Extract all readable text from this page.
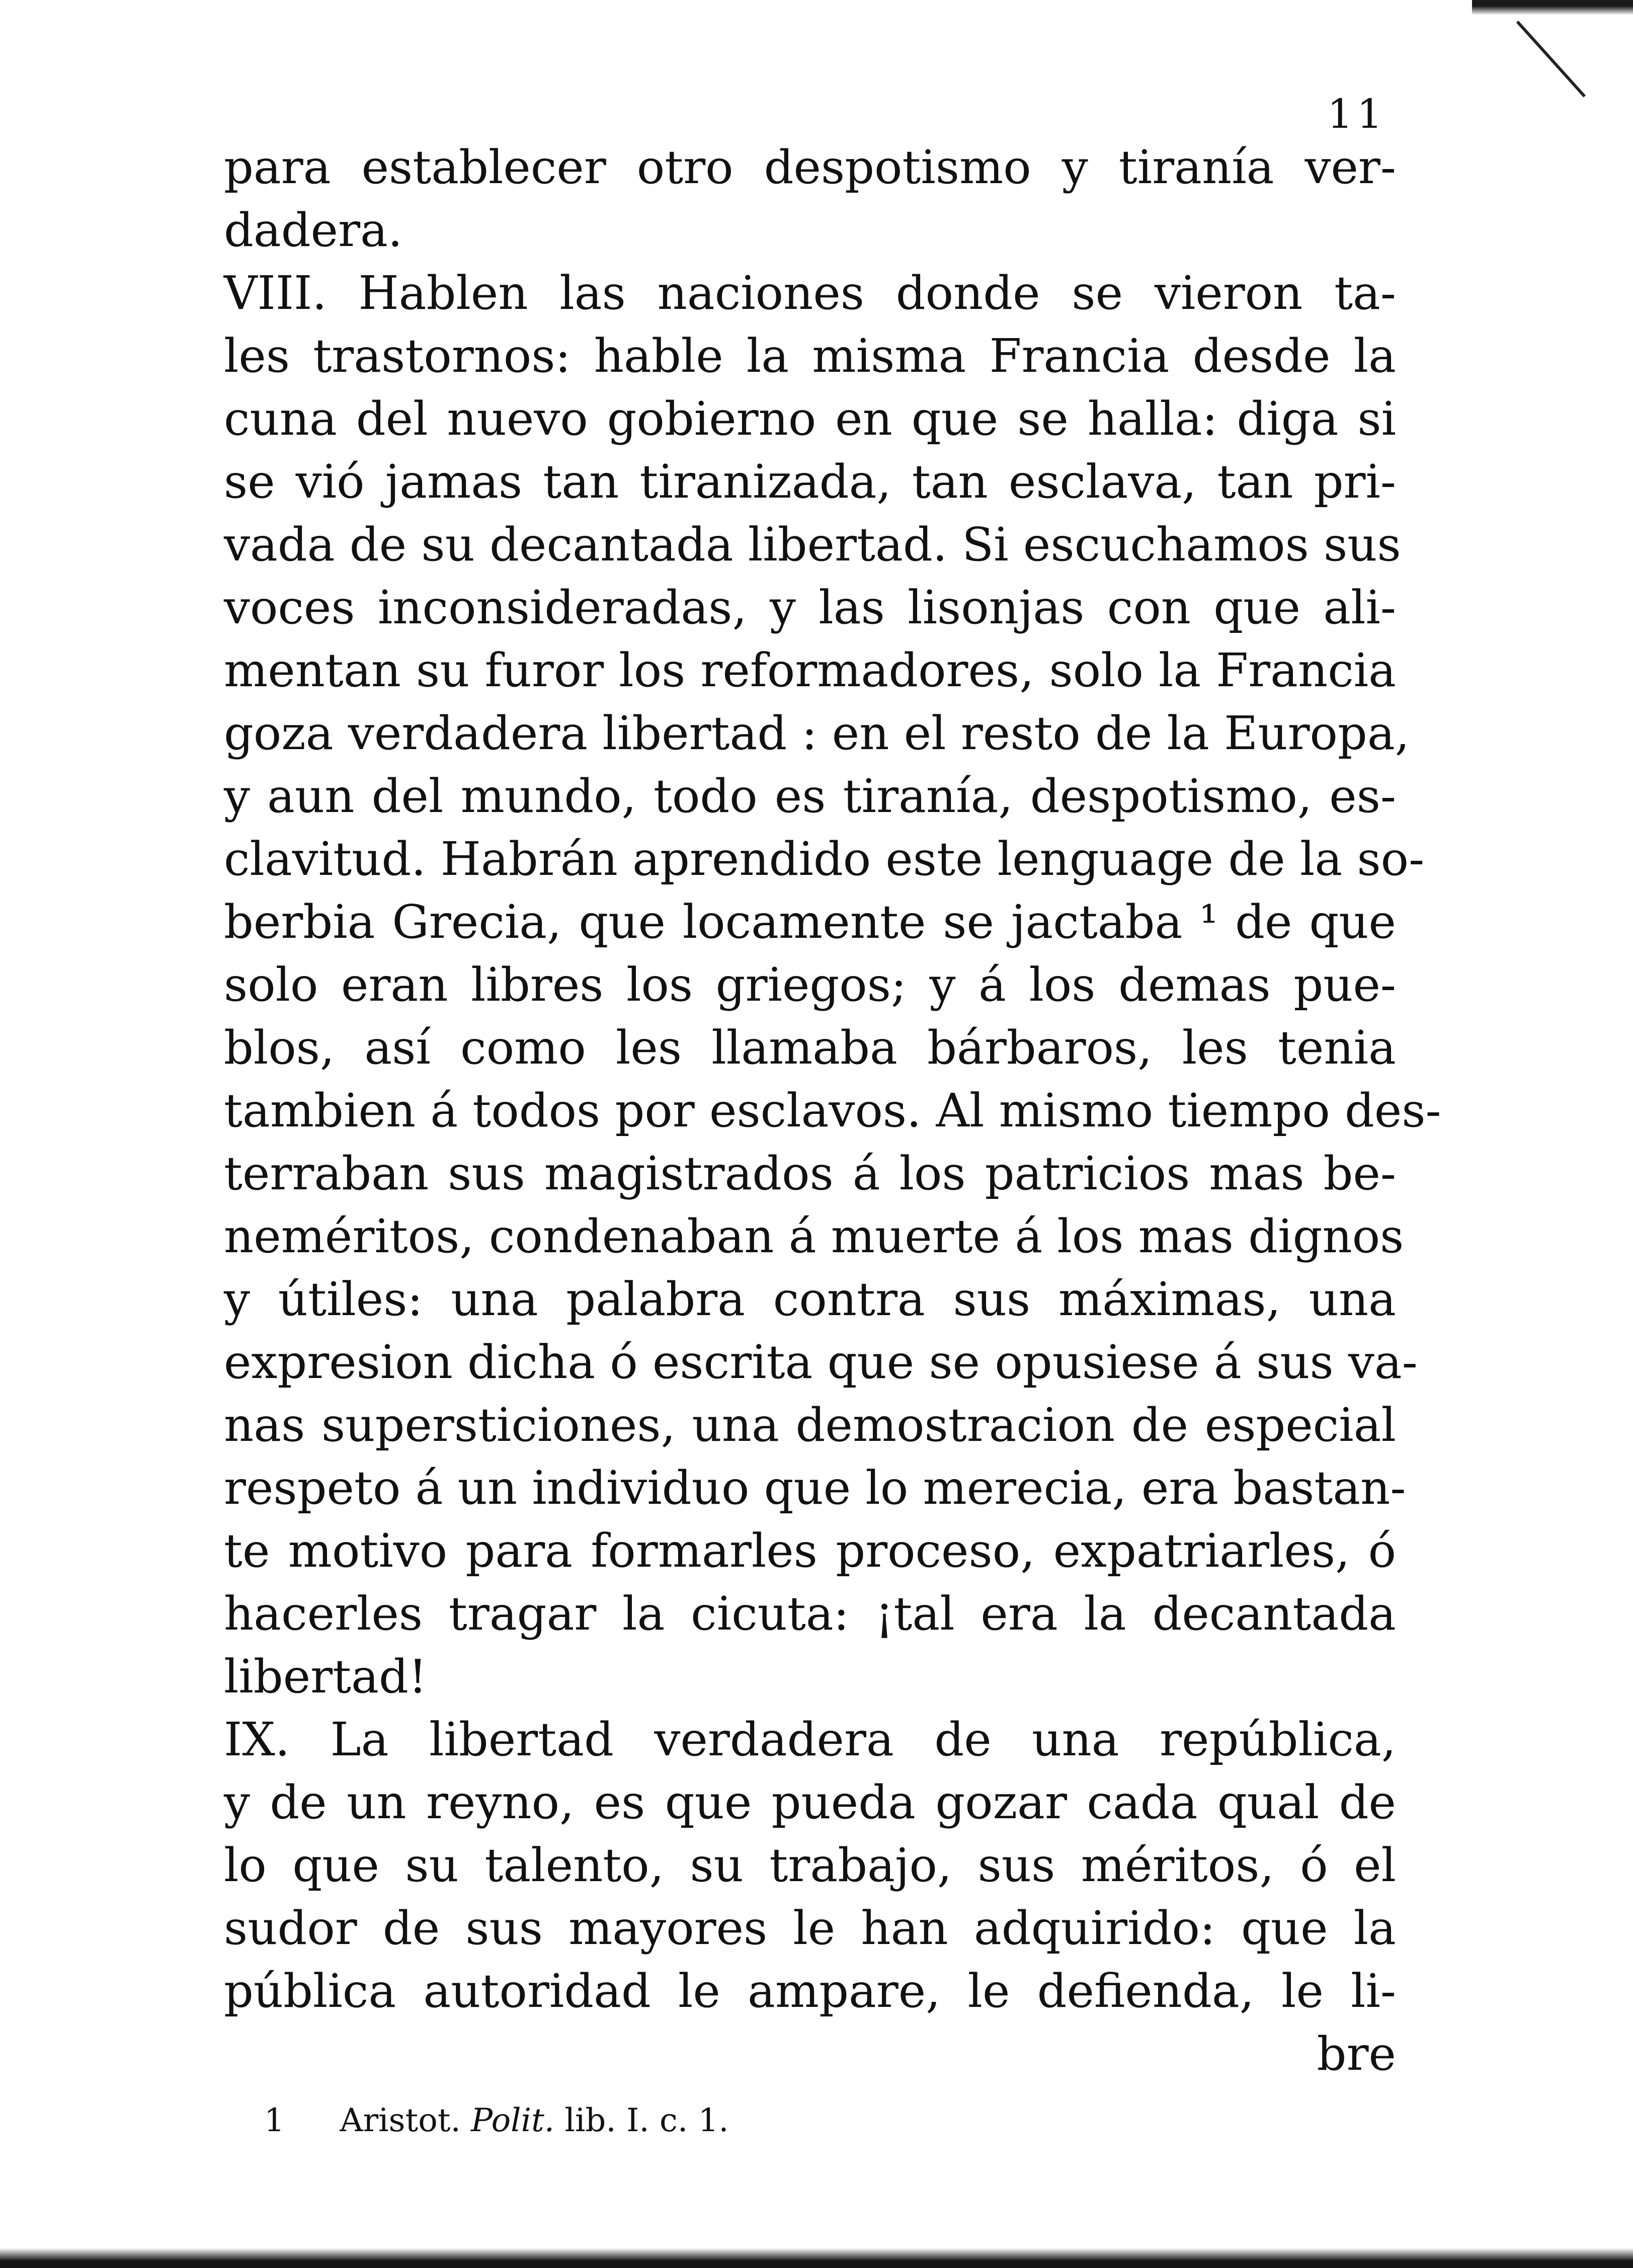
11
para establecer otro despotismo y tiranía ver-
dadera.
VIII. Hablen las naciones donde se vieron ta-
les trastornos: hable la misma Francia desde la
cuna del nuevo gobierno en que se halla: diga si
se vió jamas tan tiranizada, tan esclava, tan pri-
vada de su decantada libertad. Si escuchamos sus
voces inconsideradas, y las lisonjas con que ali-
mentan su furor los reformadores, solo la Francia
goza verdadera libertad : en el resto de la Europa,
y aun del mundo, todo es tiranía, despotismo, es-
clavitud. Habrán aprendido este lenguage de la so-
berbia Grecia, que locamente se jactaba ¹ de que
solo eran libres los griegos; y á los demas pue-
blos, así como les llamaba bárbaros, les tenia
tambien á todos por esclavos. Al mismo tiempo des-
terraban sus magistrados á los patricios mas be-
neméritos, condenaban á muerte á los mas dignos
y útiles: una palabra contra sus máximas, una
expresion dicha ó escrita que se opusiese á sus va-
nas supersticiones, una demostracion de especial
respeto á un individuo que lo merecia, era bastan-
te motivo para formarles proceso, expatriarles, ó
hacerles tragar la cicuta: ¡tal era la decantada
libertad!
IX. La libertad verdadera de una república,
y de un reyno, es que pueda gozar cada qual de
lo que su talento, su trabajo, sus méritos, ó el
sudor de sus mayores le han adquirido: que la
pública autoridad le ampare, le defienda, le li-
bre
1 Aristot. Polit. lib. I. c. 1.
